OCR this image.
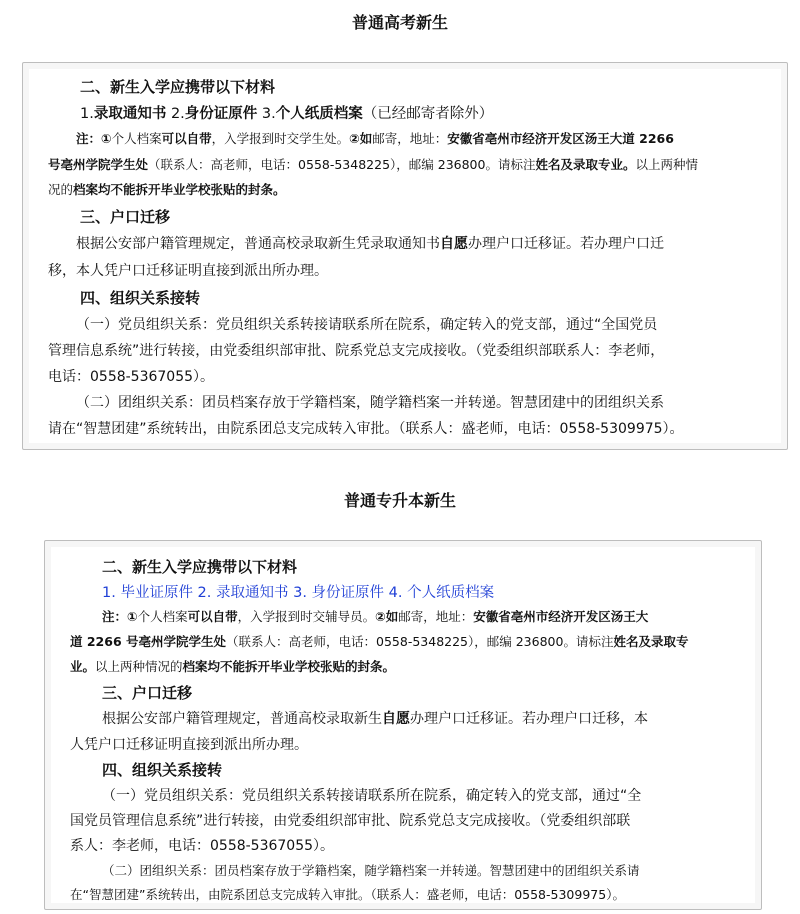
普通高考新生
二、新生入学应携带以下材料
1.录取通知书 2.身份证原件 3.个人纸质档案（已经邮寄者除外）
注：①个人档案可以自带，入学报到时交学生处。②如邮寄，地址：安徽省亳州市经济开发区汤王大道 2266
号亳州学院学生处（联系人：高老师，电话：0558-5348225），邮编 236800。请标注姓名及录取专业。以上两种情
况的档案均不能拆开毕业学校张贴的封条。
三、户口迁移
根据公安部户籍管理规定，普通高校录取新生凭录取通知书自愿办理户口迁移证。若办理户口迁
移，本人凭户口迁移证明直接到派出所办理。
四、组织关系接转
（一）党员组织关系：党员组织关系转接请联系所在院系，确定转入的党支部，通过“全国党员
管理信息系统”进行转接，由党委组织部审批、院系党总支完成接收。（党委组织部联系人：李老师，
电话：0558-5367055）。
（二）团组织关系：团员档案存放于学籍档案，随学籍档案一并转递。智慧团建中的团组织关系
请在“智慧团建”系统转出，由院系团总支完成转入审批。（联系人：盛老师，电话：0558-5309975）。
普通专升本新生
二、新生入学应携带以下材料
1. 毕业证原件 2. 录取通知书 3. 身份证原件 4. 个人纸质档案
注：①个人档案可以自带，入学报到时交辅导员。②如邮寄，地址：安徽省亳州市经济开发区汤王大
道 2266 号亳州学院学生处（联系人：高老师，电话：0558-5348225），邮编 236800。请标注姓名及录取专
业。以上两种情况的档案均不能拆开毕业学校张贴的封条。
三、户口迁移
根据公安部户籍管理规定，普通高校录取新生自愿办理户口迁移证。若办理户口迁移，本
人凭户口迁移证明直接到派出所办理。
四、组织关系接转
（一）党员组织关系：党员组织关系转接请联系所在院系，确定转入的党支部，通过“全
国党员管理信息系统”进行转接，由党委组织部审批、院系党总支完成接收。（党委组织部联
系人：李老师，电话：0558-5367055）。
（二）团组织关系：团员档案存放于学籍档案，随学籍档案一并转递。智慧团建中的团组织关系请
在“智慧团建”系统转出，由院系团总支完成转入审批。（联系人：盛老师，电话：0558-5309975）。
